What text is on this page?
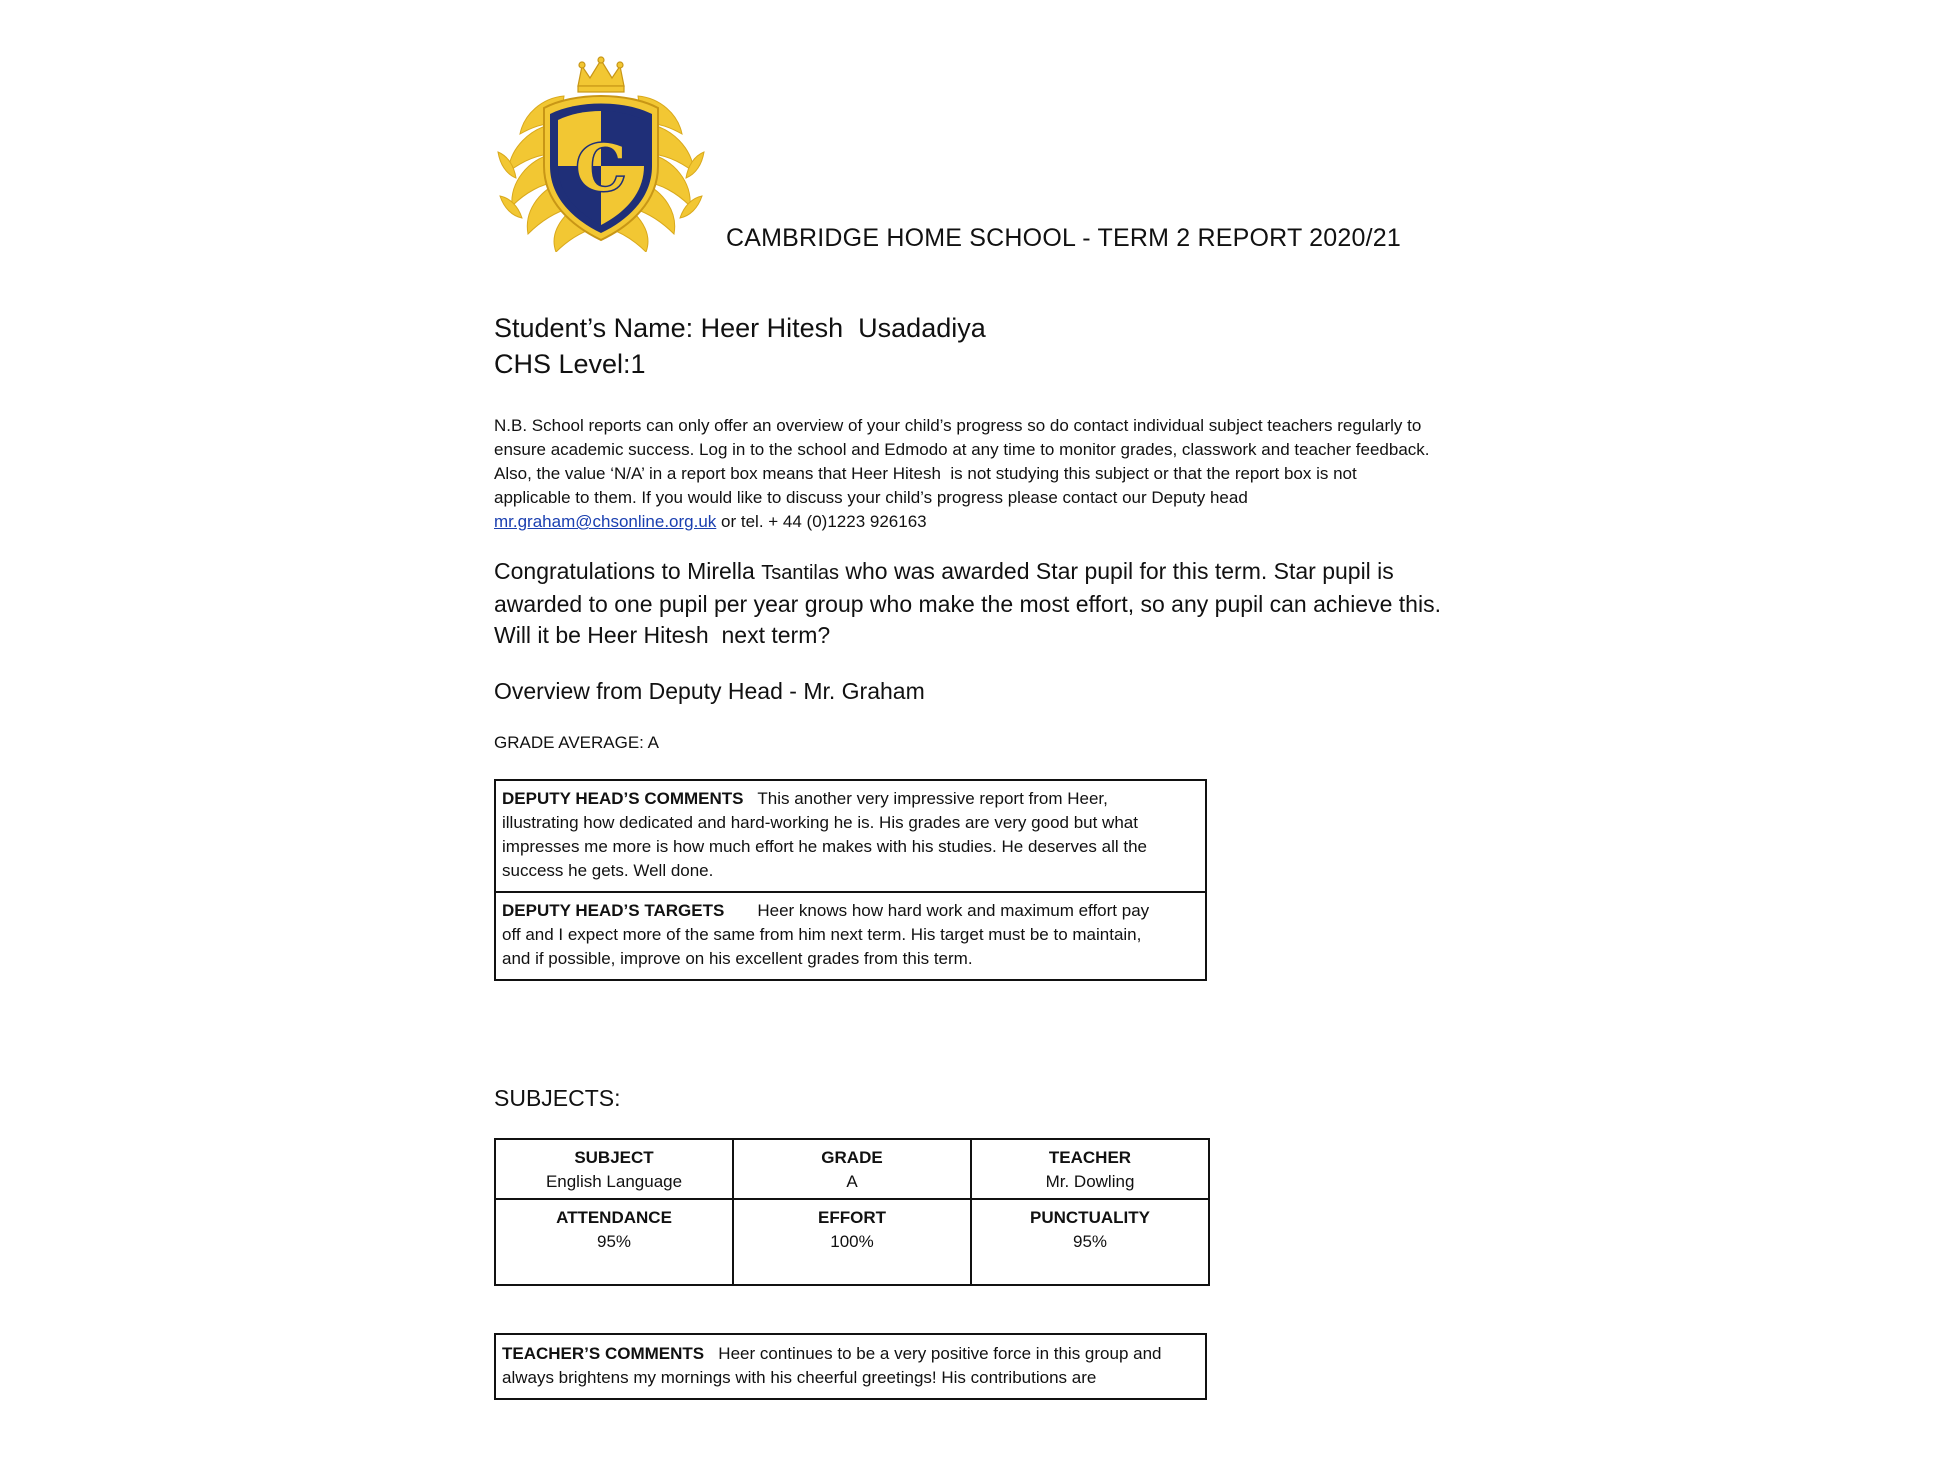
C
CAMBRIDGE HOME SCHOOL - TERM 2 REPORT 2020/21
Student’s Name: Heer Hitesh  Usadadiya
CHS Level:1
N.B. School reports can only offer an overview of your child’s progress so do contact individual subject teachers regularly to
ensure academic success. Log in to the school and Edmodo at any time to monitor grades, classwork and teacher feedback.
Also, the value ‘N/A’ in a report box means that Heer Hitesh  is not studying this subject or that the report box is not
applicable to them. If you would like to discuss your child’s progress please contact our Deputy head
mr.graham@chsonline.org.uk or tel. + 44 (0)1223 926163
Congratulations to Mirella Tsantilas who was awarded Star pupil for this term. Star pupil is
awarded to one pupil per year group who make the most effort, so any pupil can achieve this.
Will it be Heer Hitesh  next term?
Overview from Deputy Head - Mr. Graham
GRADE AVERAGE: A
DEPUTY HEAD’S COMMENTS   This another very impressive report from Heer,
illustrating how dedicated and hard-working he is. His grades are very good but what
impresses me more is how much effort he makes with his studies. He deserves all the
success he gets. Well done.
DEPUTY HEAD’S TARGETS       Heer knows how hard work and maximum effort pay
off and I expect more of the same from him next term. His target must be to maintain,
and if possible, improve on his excellent grades from this term.
SUBJECTS:
SUBJECT
English Language
GRADE
A
TEACHER
Mr. Dowling
ATTENDANCE
95%
EFFORT
100%
PUNCTUALITY
95%
TEACHER’S COMMENTS   Heer continues to be a very positive force in this group and
always brightens my mornings with his cheerful greetings! His contributions are
